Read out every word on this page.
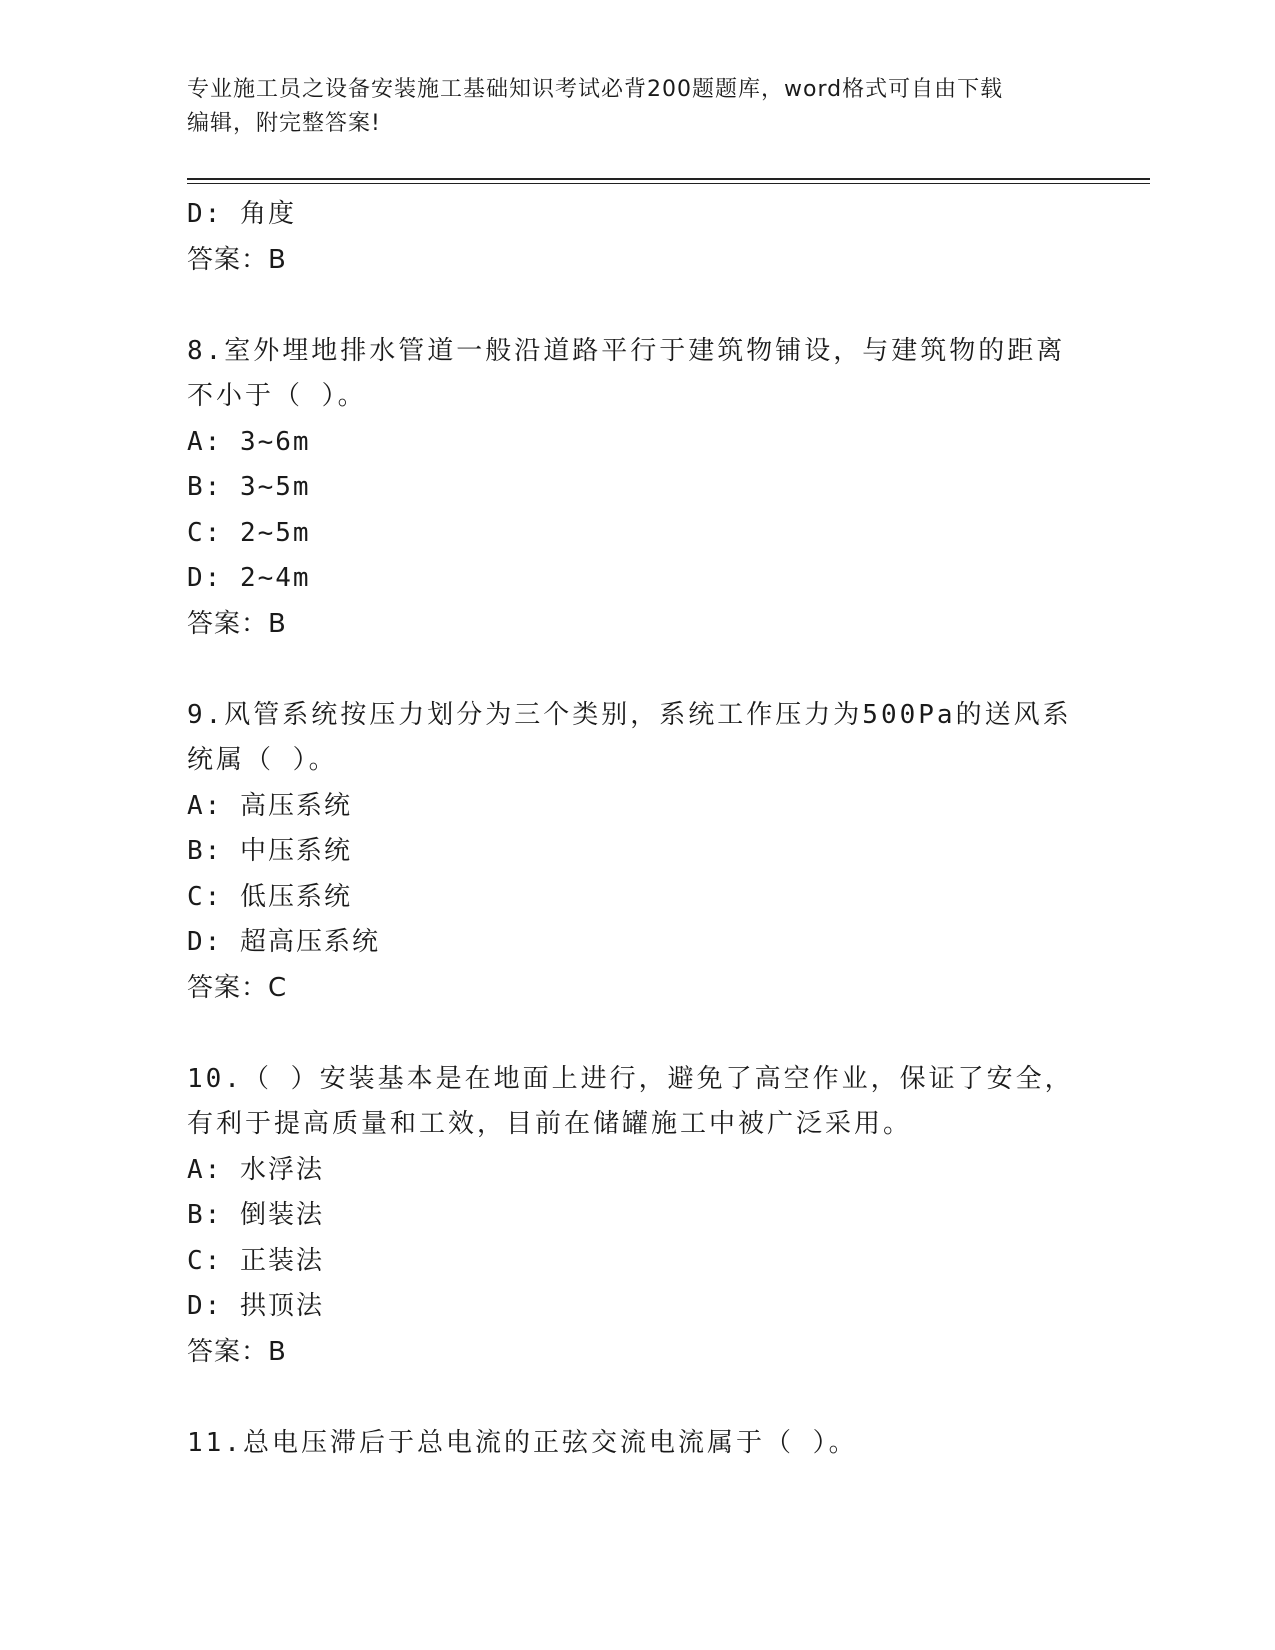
专业施工员之设备安装施工基础知识考试必背200题题库，word格式可自由下载
编辑，附完整答案!
D: 角度
答案：B
8.室外埋地排水管道一般沿道路平行于建筑物铺设，与建筑物的距离
不小于（ ）。
A: 3~6m
B: 3~5m
C: 2~5m
D: 2~4m
答案：B
9.风管系统按压力划分为三个类别，系统工作压力为500Pa的送风系
统属（ ）。
A: 高压系统
B: 中压系统
C: 低压系统
D: 超高压系统
答案：C
10.（ ）安装基本是在地面上进行，避免了高空作业，保证了安全，
有利于提高质量和工效，目前在储罐施工中被广泛采用。
A: 水浮法
B: 倒装法
C: 正装法
D: 拱顶法
答案：B
11.总电压滞后于总电流的正弦交流电流属于（ ）。
